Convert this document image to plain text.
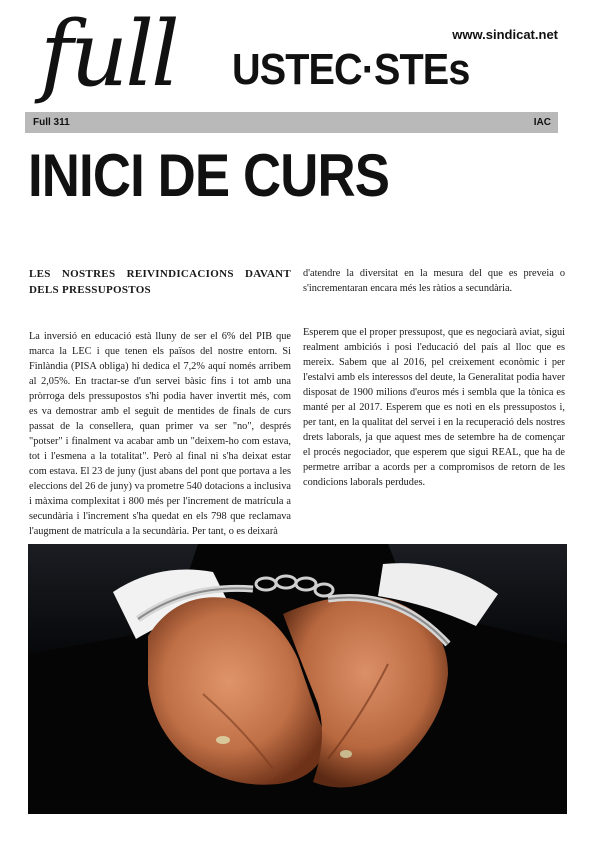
full USTEC·STEs
www.sindicat.net
Full 311	IAC
INICI DE CURS
LES NOSTRES REIVINDICACIONS DAVANT DELS PRESSUPOSTOS

La inversió en educació està lluny de ser el 6% del PIB que marca la LEC i que tenen els països del nostre entorn. Si Finlàndia (PISA obliga) hi dedica el 7,2% aquí només arribem al 2,05%. En tractar-se d'un servei bàsic fins i tot amb una pròrroga dels pressupostos s'hi podia haver invertit més, com es va demostrar amb el seguit de mentides de finals de curs passat de la consellera, quan primer va ser "no", després "potser" i finalment va acabar amb un "deixem-ho com estava, tot i l'esmena a la totalitat". Però al final ni s'ha deixat estar com estava. El 23 de juny (just abans del pont que portava a les eleccions del 26 de juny) va prometre 540 dotacions a inclusiva i màxima complexitat i 800 més per l'increment de matrícula a secundària i l'increment s'ha quedat en els 798 que reclamava l'augment de matrícula a la secundària. Per tant, o es deixarà

d'atendre la diversitat en la mesura del que es preveia o s'incrementaran encara més les ràtios a secundària.

Esperem que el proper pressupost, que es negociarà aviat, sigui realment ambiciós i posi l'educació del país al lloc que es mereix. Sabem que al 2016, pel creixement econòmic i per l'estalvi amb els interessos del deute, la Generalitat podia haver disposat de 1900 milions d'euros més i sembla que la tònica es manté per al 2017. Esperem que es noti en els pressupostos i, per tant, en la qualitat del servei i en la recuperació dels nostres drets laborals, ja que aquest mes de setembre ha de començar el procés negociador, que esperem que sigui REAL, que ha de permetre arribar a acords per a compromisos de retorn de les condicions laborals perdudes.
